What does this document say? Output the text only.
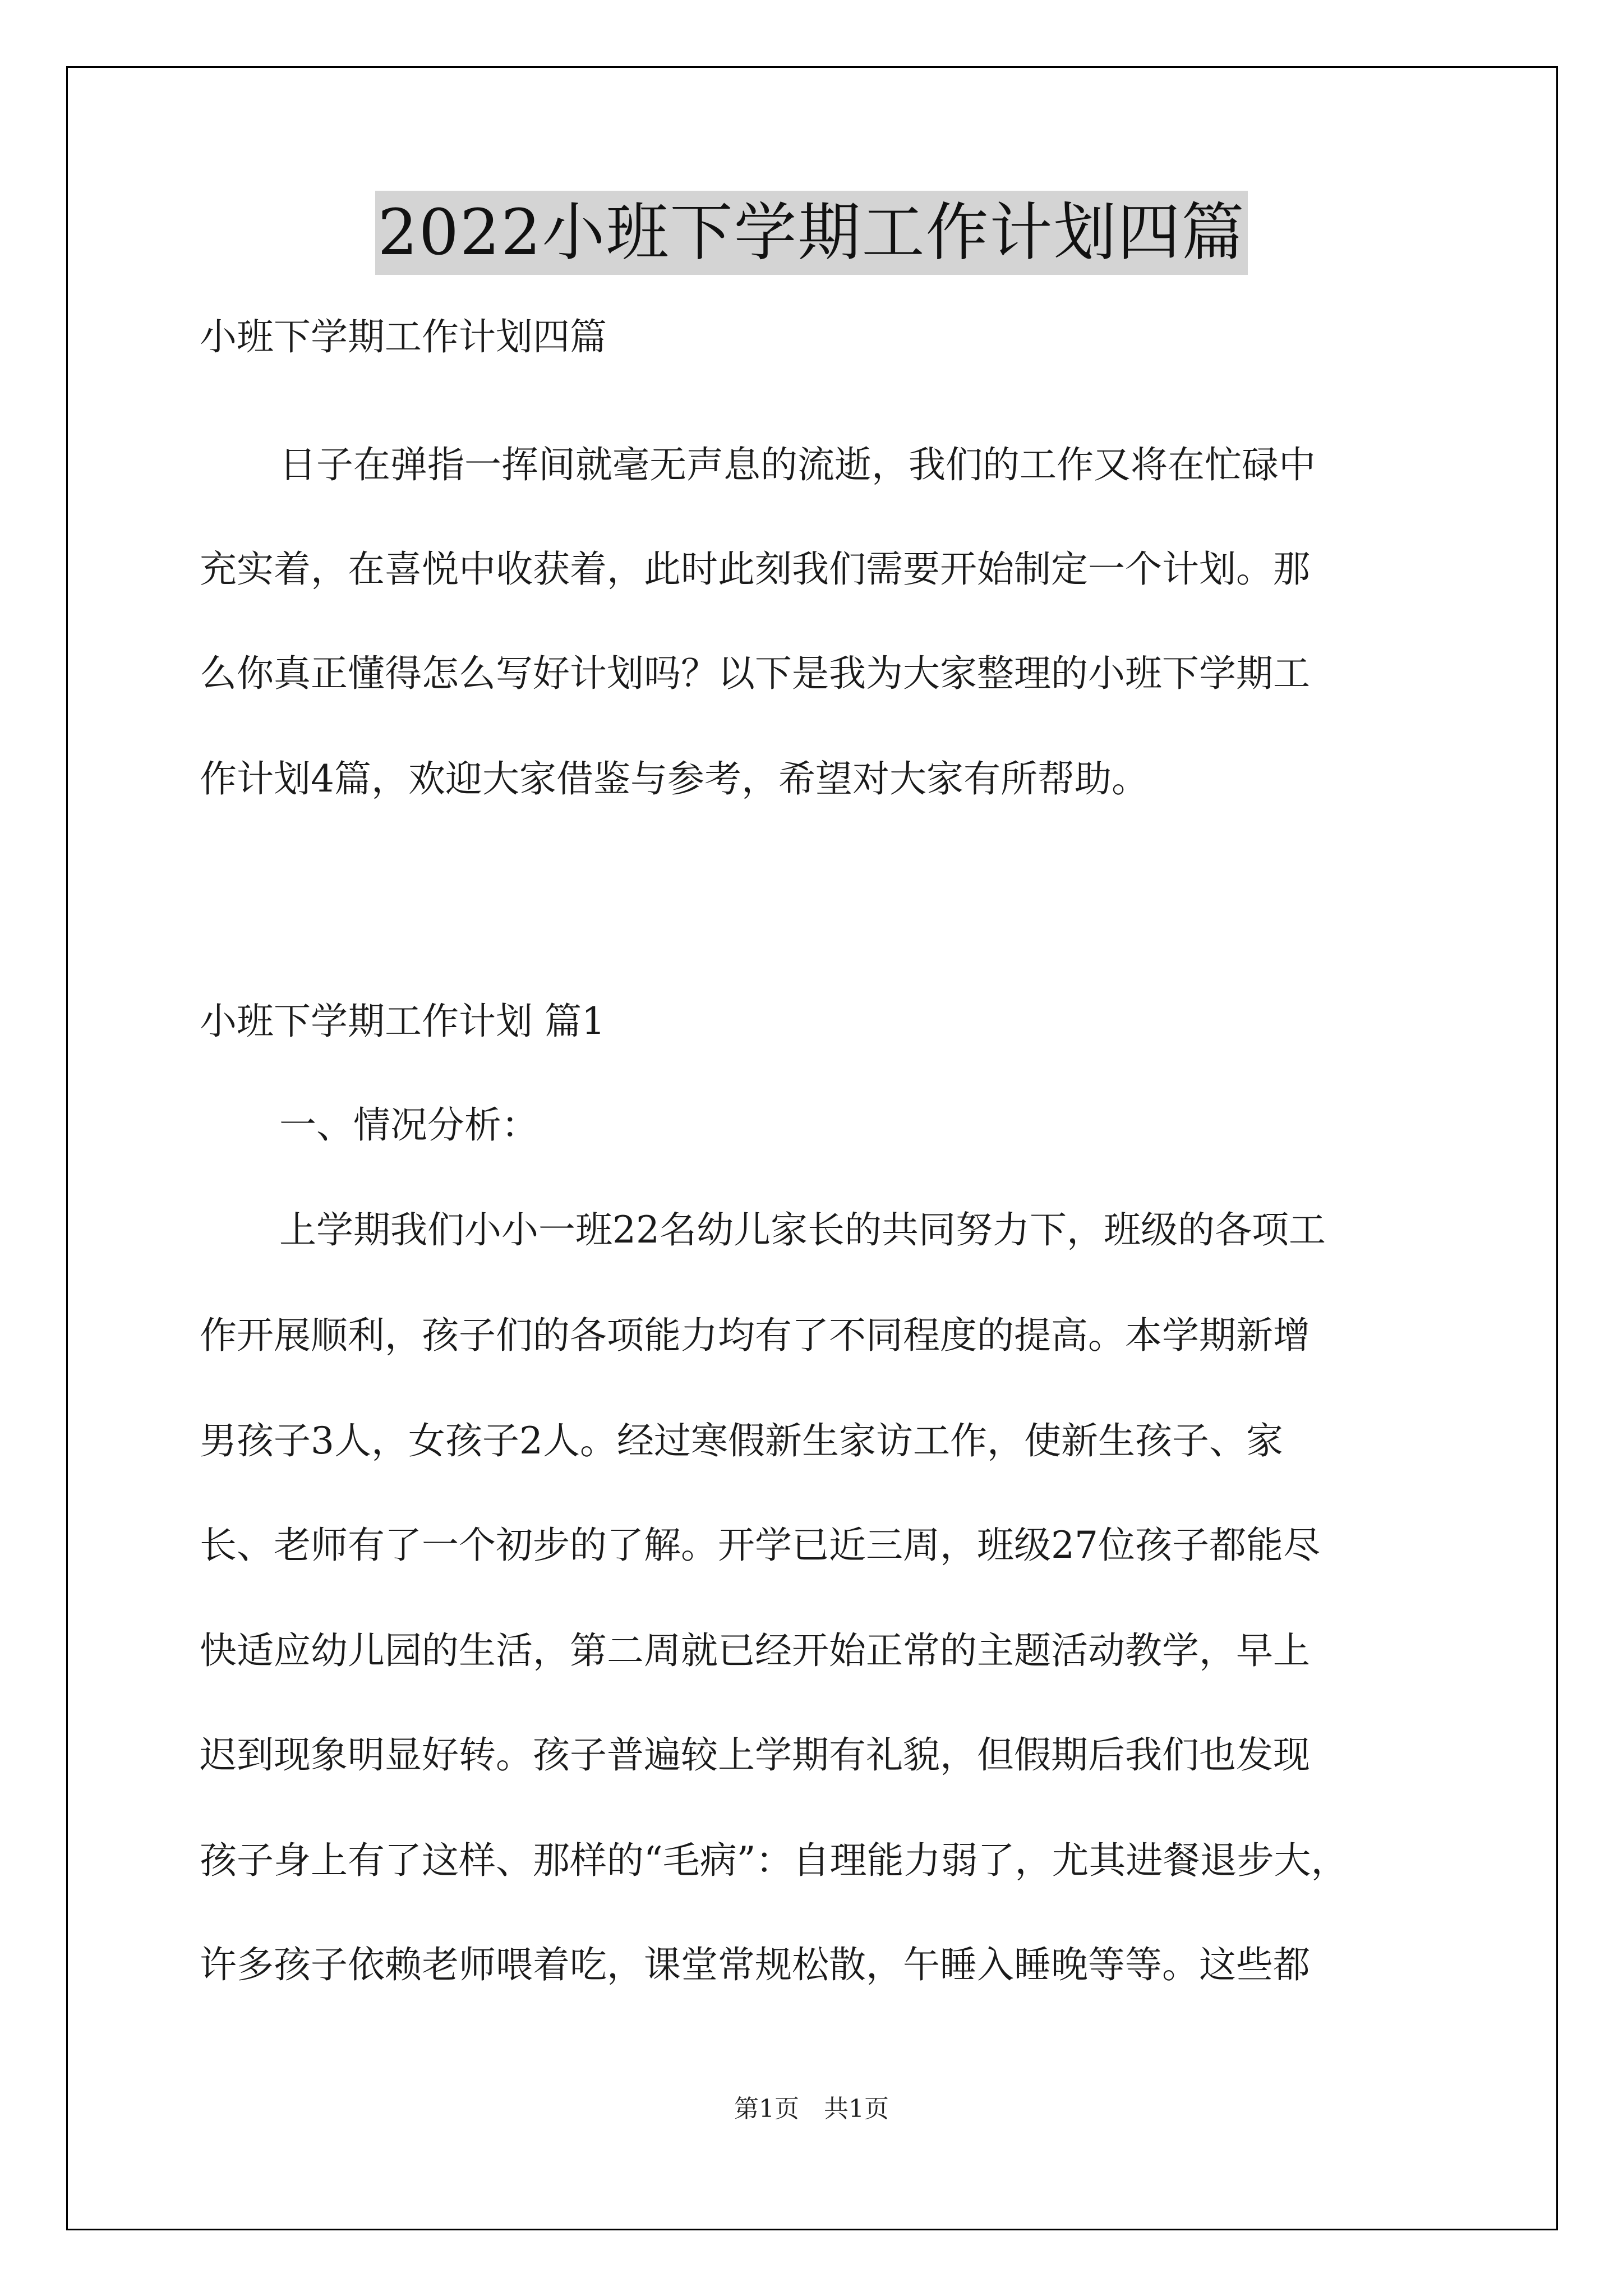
2022小班下学期工作计划四篇
小班下学期工作计划四篇
日子在弹指一挥间就毫无声息的流逝，我们的工作又将在忙碌中
充实着，在喜悦中收获着，此时此刻我们需要开始制定一个计划。那
么你真正懂得怎么写好计划吗？以下是我为大家整理的小班下学期工
作计划4篇，欢迎大家借鉴与参考，希望对大家有所帮助。
小班下学期工作计划 篇1
一、情况分析：
上学期我们小小一班22名幼儿家长的共同努力下，班级的各项工
作开展顺利，孩子们的各项能力均有了不同程度的提高。本学期新增
男孩子3人，女孩子2人。经过寒假新生家访工作，使新生孩子、家
长、老师有了一个初步的了解。开学已近三周，班级27位孩子都能尽
快适应幼儿园的生活，第二周就已经开始正常的主题活动教学，早上
迟到现象明显好转。孩子普遍较上学期有礼貌，但假期后我们也发现
孩子身上有了这样、那样的“毛病”：自理能力弱了，尤其进餐退步大，
许多孩子依赖老师喂着吃，课堂常规松散，午睡入睡晚等等。这些都
第1页　共1页
